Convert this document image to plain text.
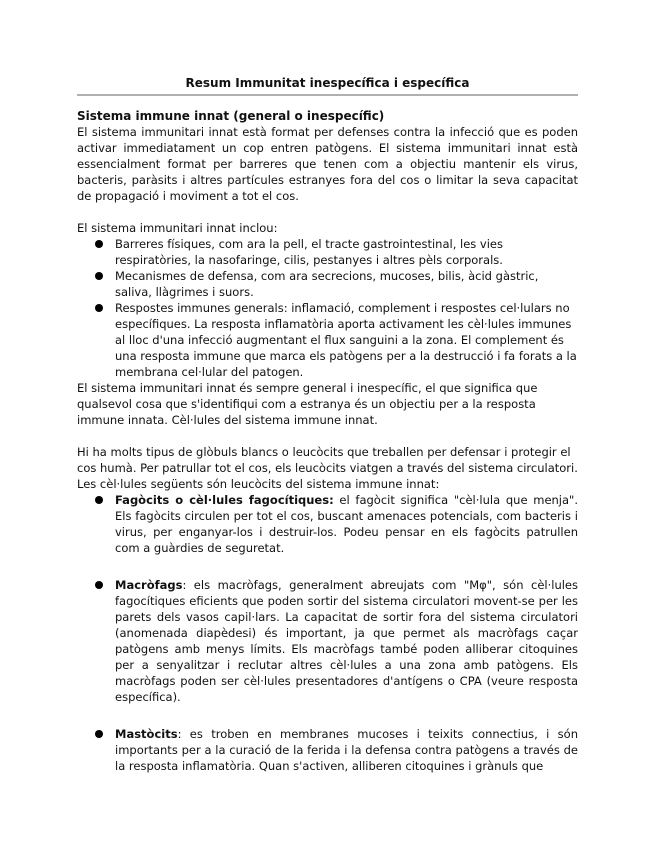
Resum Immunitat inespecífica i específica
Sistema immune innat (general o inespecífic)

El sistema immunitari innat està format per defenses contra la infecció que es poden activar immediatament un cop entren patògens. El sistema immunitari innat està essencialment format per barreres que tenen com a objectiu mantenir els virus, bacteris, paràsits i altres partícules estranyes fora del cos o limitar la seva capacitat de propagació i moviment a tot el cos.

El sistema immunitari innat inclou:

Barreres físiques, com ara la pell, el tracte gastrointestinal, les vies respiratòries, la nasofaringe, cilis, pestanyes i altres pèls corporals.
Mecanismes de defensa, com ara secrecions, mucoses, bilis, àcid gàstric, saliva, llàgrimes i suors.
Respostes immunes generals: inflamació, complement i respostes cel·lulars no específiques. La resposta inflamatòria aporta activament les cèl·lules immunes al lloc d'una infecció augmentant el flux sanguini a la zona. El complement és una resposta immune que marca els patògens per a la destrucció i fa forats a la membrana cel·lular del patogen.

El sistema immunitari innat és sempre general i inespecífic, el que significa que qualsevol cosa que s'identifiqui com a estranya és un objectiu per a la resposta immune innata. Cèl·lules del sistema immune innat.

Hi ha molts tipus de glòbuls blancs o leucòcits que treballen per defensar i protegir el cos humà. Per patrullar tot el cos, els leucòcits viatgen a través del sistema circulatori.

Les cèl·lules següents són leucòcits del sistema immune innat:

Fagòcits o cèl·lules fagocítiques: el fagòcit significa "cèl·lula que menja". Els fagòcits circulen per tot el cos, buscant amenaces potencials, com bacteris i virus, per enganyar-los i destruir-los. Podeu pensar en els fagòcits patrullen com a guàrdies de seguretat.
Macròfags: els macròfags, generalment abreujats com "Mφ", són cèl·lules fagocítiques eficients que poden sortir del sistema circulatori movent-se per les parets dels vasos capil·lars. La capacitat de sortir fora del sistema circulatori (anomenada diapèdesi) és important, ja que permet als macròfags caçar patògens amb menys límits. Els macròfags també poden alliberar citoquines per a senyalitzar i reclutar altres cèl·lules a una zona amb patògens. Els macròfags poden ser cèl·lules presentadores d'antígens o CPA (veure resposta específica).
Mastòcits: es troben en membranes mucoses i teixits connectius, i són importants per a la curació de la ferida i la defensa contra patògens a través de la resposta inflamatòria. Quan s'activen, alliberen citoquines i grànuls que
